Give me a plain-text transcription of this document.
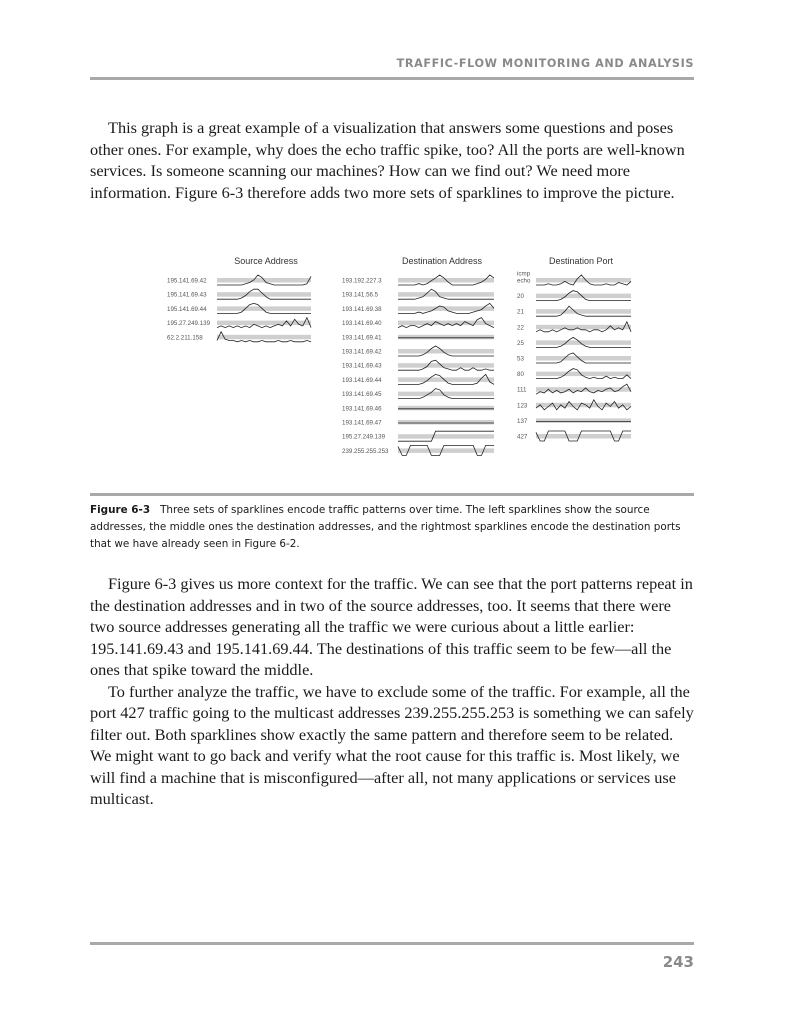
TRAFFIC-FLOW MONITORING AND ANALYSIS

This graph is a great example of a visualization that answers some questions and poses other ones. For example, why does the echo traffic spike, too? All the ports are well-known services. Is someone scanning our machines? How can we find out? We need more information. Figure 6-3 therefore adds two more sets of sparklines to improve the picture.

Source Address
195.141.69.42
195.141.69.43
195.141.69.44
195.27.249.139
62.2.211.158
Destination Address
193.192.227.3
193.141.56.5
193.141.69.38
193.141.69.40
193.141.69.41
193.141.69.42
193.141.69.43
193.141.69.44
193.141.69.45
193.141.69.46
193.141.69.47
195.27.249.139
239.255.255.253
Destination Port
icmp
echo
20
21
22
25
53
80
111
123
137
427
Figure 6-3 Three sets of sparklines encode traffic patterns over time. The left sparklines show the source addresses, the middle ones the destination addresses, and the rightmost sparklines encode the destination ports that we have already seen in Figure 6-2.

Figure 6-3 gives us more context for the traffic. We can see that the port patterns repeat in the destination addresses and in two of the source addresses, too. It seems that there were two source addresses generating all the traffic we were curious about a little earlier: 195.141.69.43 and 195.141.69.44. The destinations of this traffic seem to be few—all the ones that spike toward the middle.

To further analyze the traffic, we have to exclude some of the traffic. For example, all the port 427 traffic going to the multicast addresses 239.255.255.253 is something we can safely filter out. Both sparklines show exactly the same pattern and therefore seem to be related. We might want to go back and verify what the root cause for this traffic is. Most likely, we will find a machine that is misconfigured—after all, not many applications or services use multicast.

243
